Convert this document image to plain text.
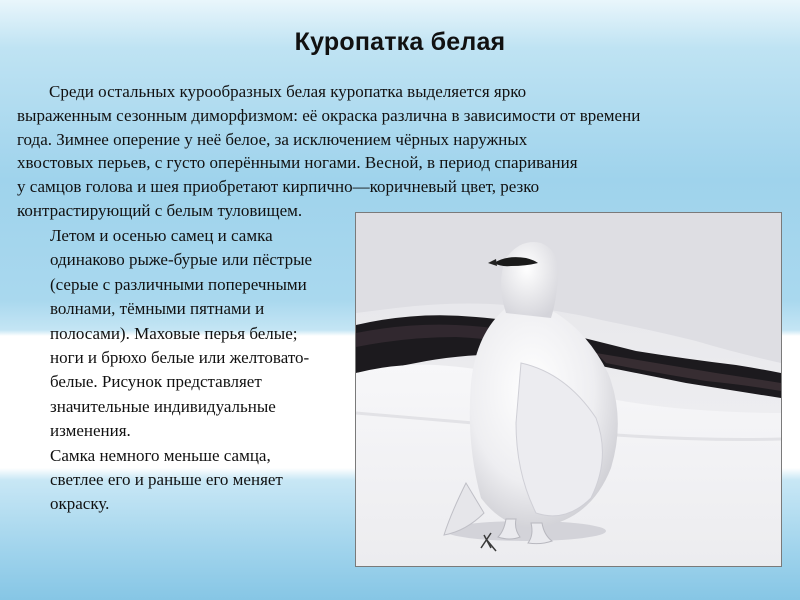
Куропатка белая
Среди остальных курообразных белая куропатка выделяется ярко
выраженным сезонным диморфизмом: её окраска различна в зависимости от времени
года. Зимнее оперение у неё белое, за исключением чёрных наружных
хвостовых перьев, с густо оперёнными ногами. Весной, в период спаривания
у самцов голова и шея приобретают кирпично—коричневый цвет, резко
контрастирующий с белым туловищем.
Летом и осенью самец и самка
одинаково рыже-бурые или пёстрые
(серые с различными поперечными
волнами, тёмными пятнами и
полосами). Маховые перья белые;
ноги и брюхо белые или желтовато-
белые. Рисунок представляет
значительные индивидуальные
изменения.
Самка немного меньше самца,
светлее его и раньше его меняет
окраску.
